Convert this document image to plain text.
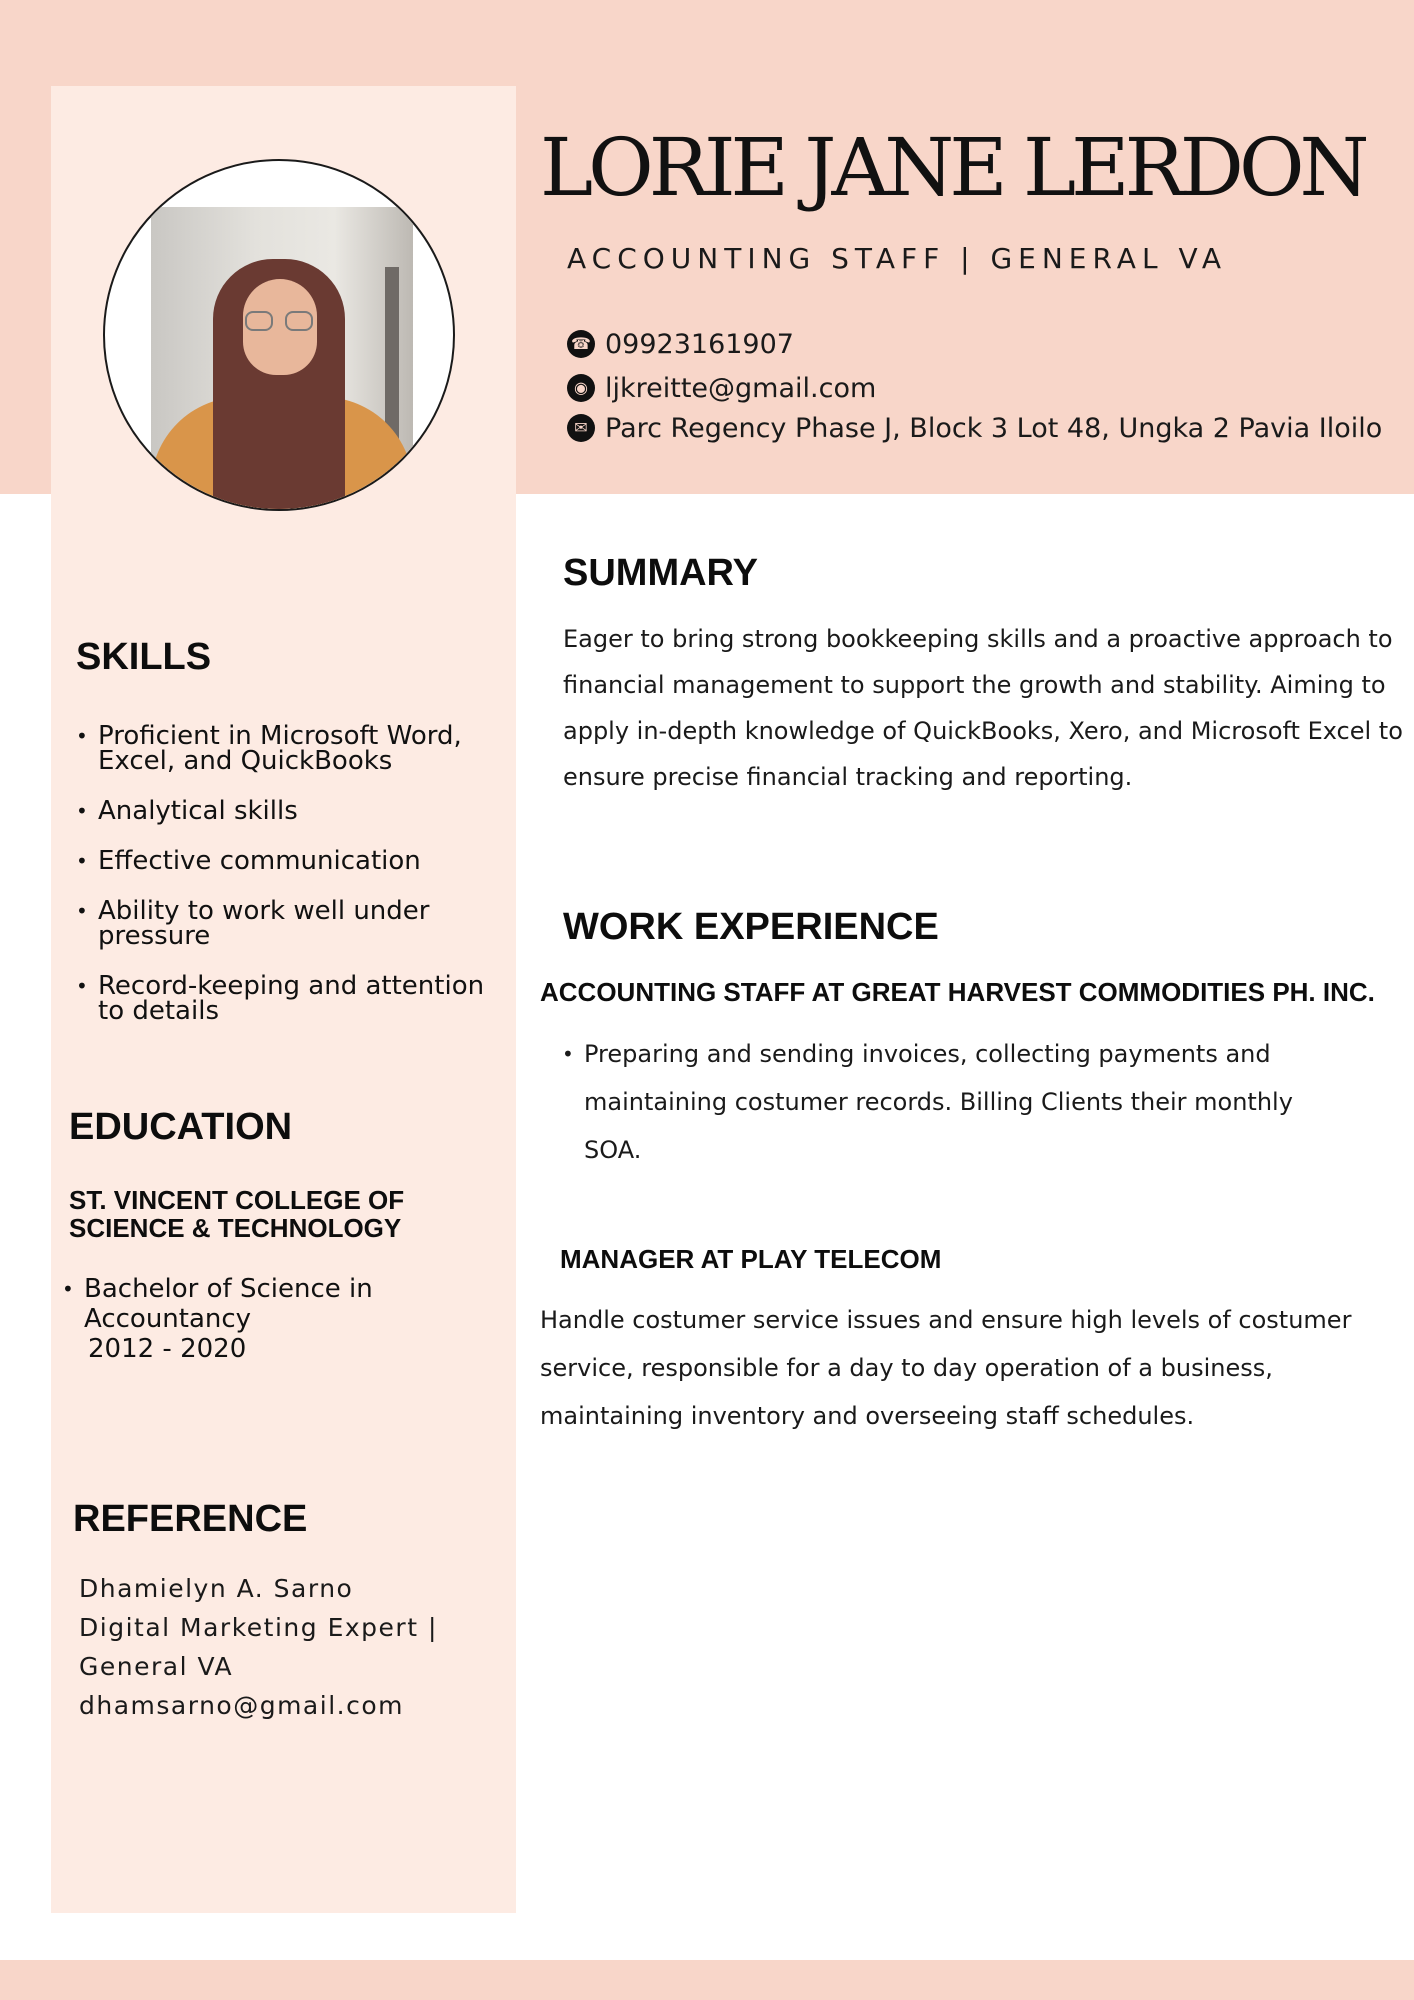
LORIE JANE LERDON
ACCOUNTING STAFF | GENERAL VA
☎ 09923161907
◉ ljkreitte@gmail.com
✉ Parc Regency Phase J, Block 3 Lot 48, Ungka 2 Pavia Iloilo
SKILLS
• Proficient in Microsoft Word, Excel, and QuickBooks
• Analytical skills
• Effective communication
• Ability to work well under pressure
• Record-keeping and attention to details
EDUCATION
ST. VINCENT COLLEGE OF SCIENCE & TECHNOLOGY
• Bachelor of Science in Accountancy
2012 - 2020
REFERENCE
Dhamielyn A. Sarno
Digital Marketing Expert |
General VA
dhamsarno@gmail.com
SUMMARY

Eager to bring strong bookkeeping skills and a proactive approach to financial management to support the growth and stability. Aiming to apply in-depth knowledge of QuickBooks, Xero, and Microsoft Excel to ensure precise financial tracking and reporting.

WORK EXPERIENCE
ACCOUNTING STAFF AT GREAT HARVEST COMMODITIES PH. INC.
• Preparing and sending invoices, collecting payments and maintaining costumer records. Billing Clients their monthly SOA.
MANAGER AT PLAY TELECOM

Handle costumer service issues and ensure high levels of costumer service, responsible for a day to day operation of a business, maintaining inventory and overseeing staff schedules.
